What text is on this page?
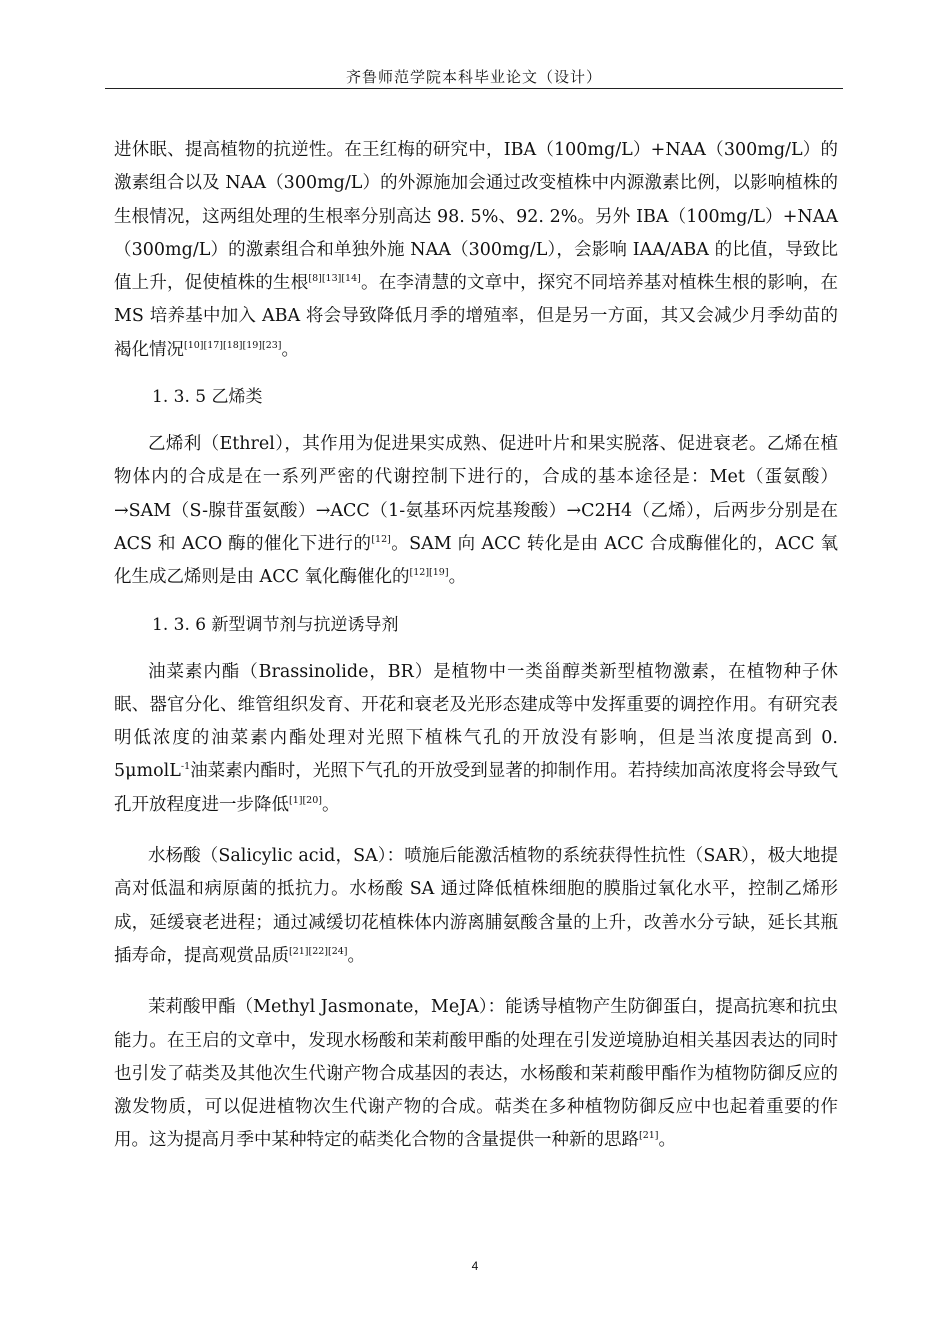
齐鲁师范学院本科毕业论文（设计）

进休眠、提高植物的抗逆性。在王红梅的研究中，IBA（100mg/L）+NAA（300mg/L）的激素组合以及 NAA（300mg/L）的外源施加会通过改变植株中内源激素比例，以影响植株的生根情况，这两组处理的生根率分别高达 98. 5%、92. 2%。另外 IBA（100mg/L）+NAA（300mg/L）的激素组合和单独外施 NAA（300mg/L），会影响 IAA/ABA 的比值，导致比值上升，促使植株的生根[8][13][14]。在李清慧的文章中，探究不同培养基对植株生根的影响，在 MS 培养基中加入 ABA 将会导致降低月季的增殖率，但是另一方面，其又会减少月季幼苗的褐化情况[10][17][18][19][23]。

1. 3. 5 乙烯类

乙烯利（Ethrel），其作用为促进果实成熟、促进叶片和果实脱落、促进衰老。乙烯在植物体内的合成是在一系列严密的代谢控制下进行的，合成的基本途径是：Met（蛋氨酸）→SAM（S-腺苷蛋氨酸）→ACC（1-氨基环丙烷基羧酸）→C2H4（乙烯），后两步分别是在 ACS 和 ACO 酶的催化下进行的[12]。SAM 向 ACC 转化是由 ACC 合成酶催化的，ACC 氧化生成乙烯则是由 ACC 氧化酶催化的[12][19]。

1. 3. 6 新型调节剂与抗逆诱导剂

油菜素内酯（Brassinolide，BR）是植物中一类甾醇类新型植物激素，在植物种子休眠、器官分化、维管组织发育、开花和衰老及光形态建成等中发挥重要的调控作用。有研究表明低浓度的油菜素内酯处理对光照下植株气孔的开放没有影响，但是当浓度提高到 0. 5μmolL$^{-1}$油菜素内酯时，光照下气孔的开放受到显著的抑制作用。若持续加高浓度将会导致气孔开放程度进一步降低[1][20]。

水杨酸（Salicylic acid，SA）：喷施后能激活植物的系统获得性抗性（SAR），极大地提高对低温和病原菌的抵抗力。水杨酸 SA 通过降低植株细胞的膜脂过氧化水平，控制乙烯形成，延缓衰老进程；通过减缓切花植株体内游离脯氨酸含量的上升，改善水分亏缺，延长其瓶插寿命，提高观赏品质[21][22][24]。

茉莉酸甲酯（Methyl Jasmonate，MeJA）：能诱导植物产生防御蛋白，提高抗寒和抗虫能力。在王启的文章中，发现水杨酸和茉莉酸甲酯的处理在引发逆境胁迫相关基因表达的同时也引发了萜类及其他次生代谢产物合成基因的表达，水杨酸和茉莉酸甲酯作为植物防御反应的激发物质，可以促进植物次生代谢产物的合成。萜类在多种植物防御反应中也起着重要的作用。这为提高月季中某种特定的萜类化合物的含量提供一种新的思路[21]。

4
